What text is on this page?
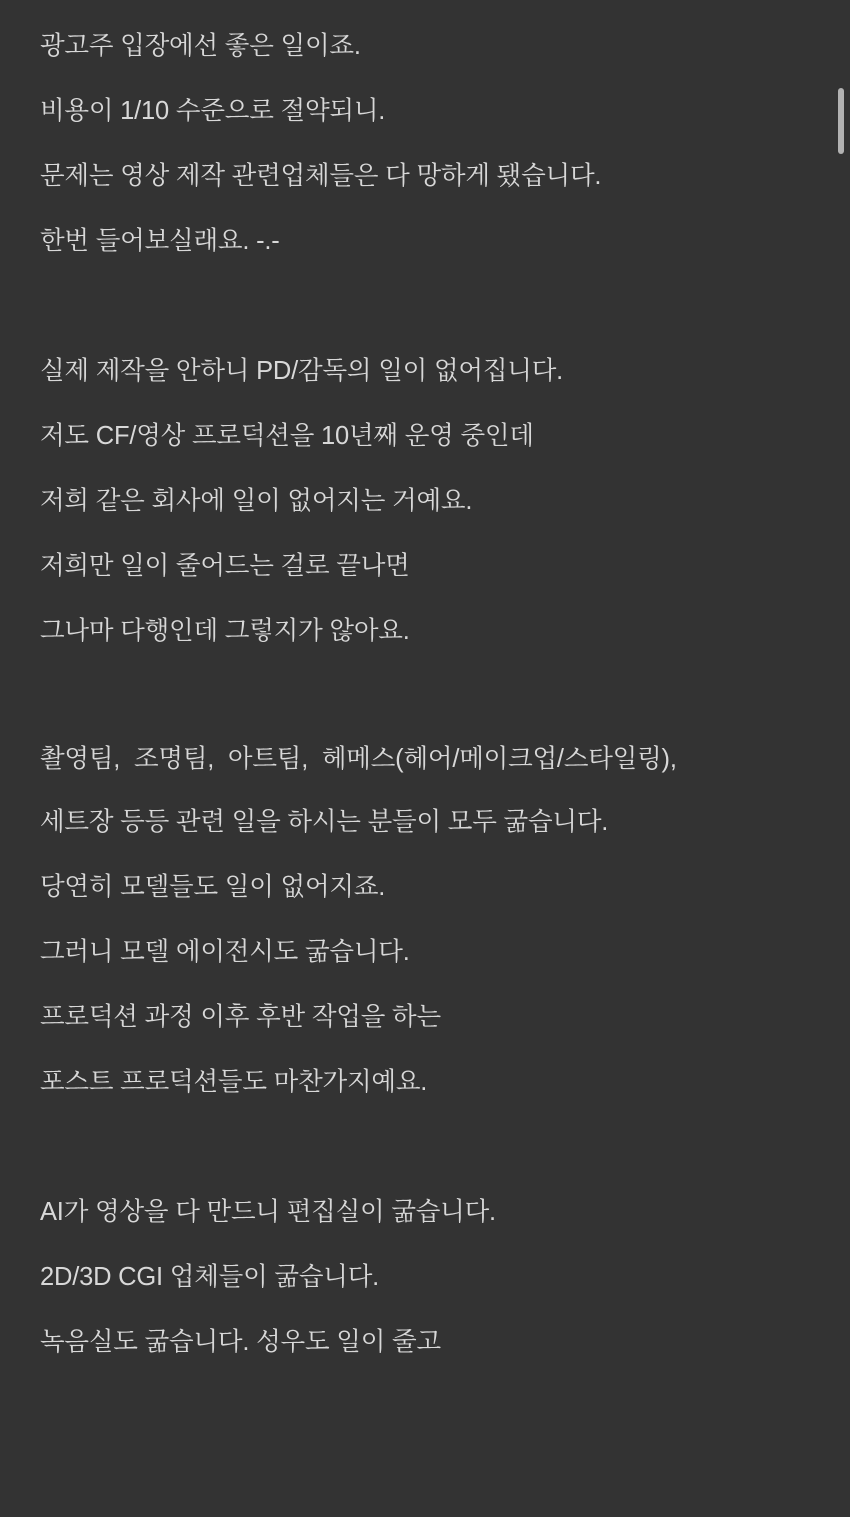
광고주 입장에선 좋은 일이죠.
비용이 1/10 수준으로 절약되니.
문제는 영상 제작 관련업체들은 다 망하게 됐습니다.
한번 들어보실래요. -.-
실제 제작을 안하니 PD/감독의 일이 없어집니다.
저도 CF/영상 프로덕션을 10년째 운영 중인데
저희 같은 회사에 일이 없어지는 거예요.
저희만 일이 줄어드는 걸로 끝나면
그나마 다행인데 그렇지가 않아요.
촬영팀,  조명팀,  아트팀,  헤메스(헤어/메이크업/스타일링),
세트장 등등 관련 일을 하시는 분들이 모두 굶습니다.
당연히 모델들도 일이 없어지죠.
그러니 모델 에이전시도 굶습니다.
프로덕션 과정 이후 후반 작업을 하는
포스트 프로덕션들도 마찬가지예요.
AI가 영상을 다 만드니 편집실이 굶습니다.
2D/3D CGI 업체들이 굶습니다.
녹음실도 굶습니다. 성우도 일이 줄고
